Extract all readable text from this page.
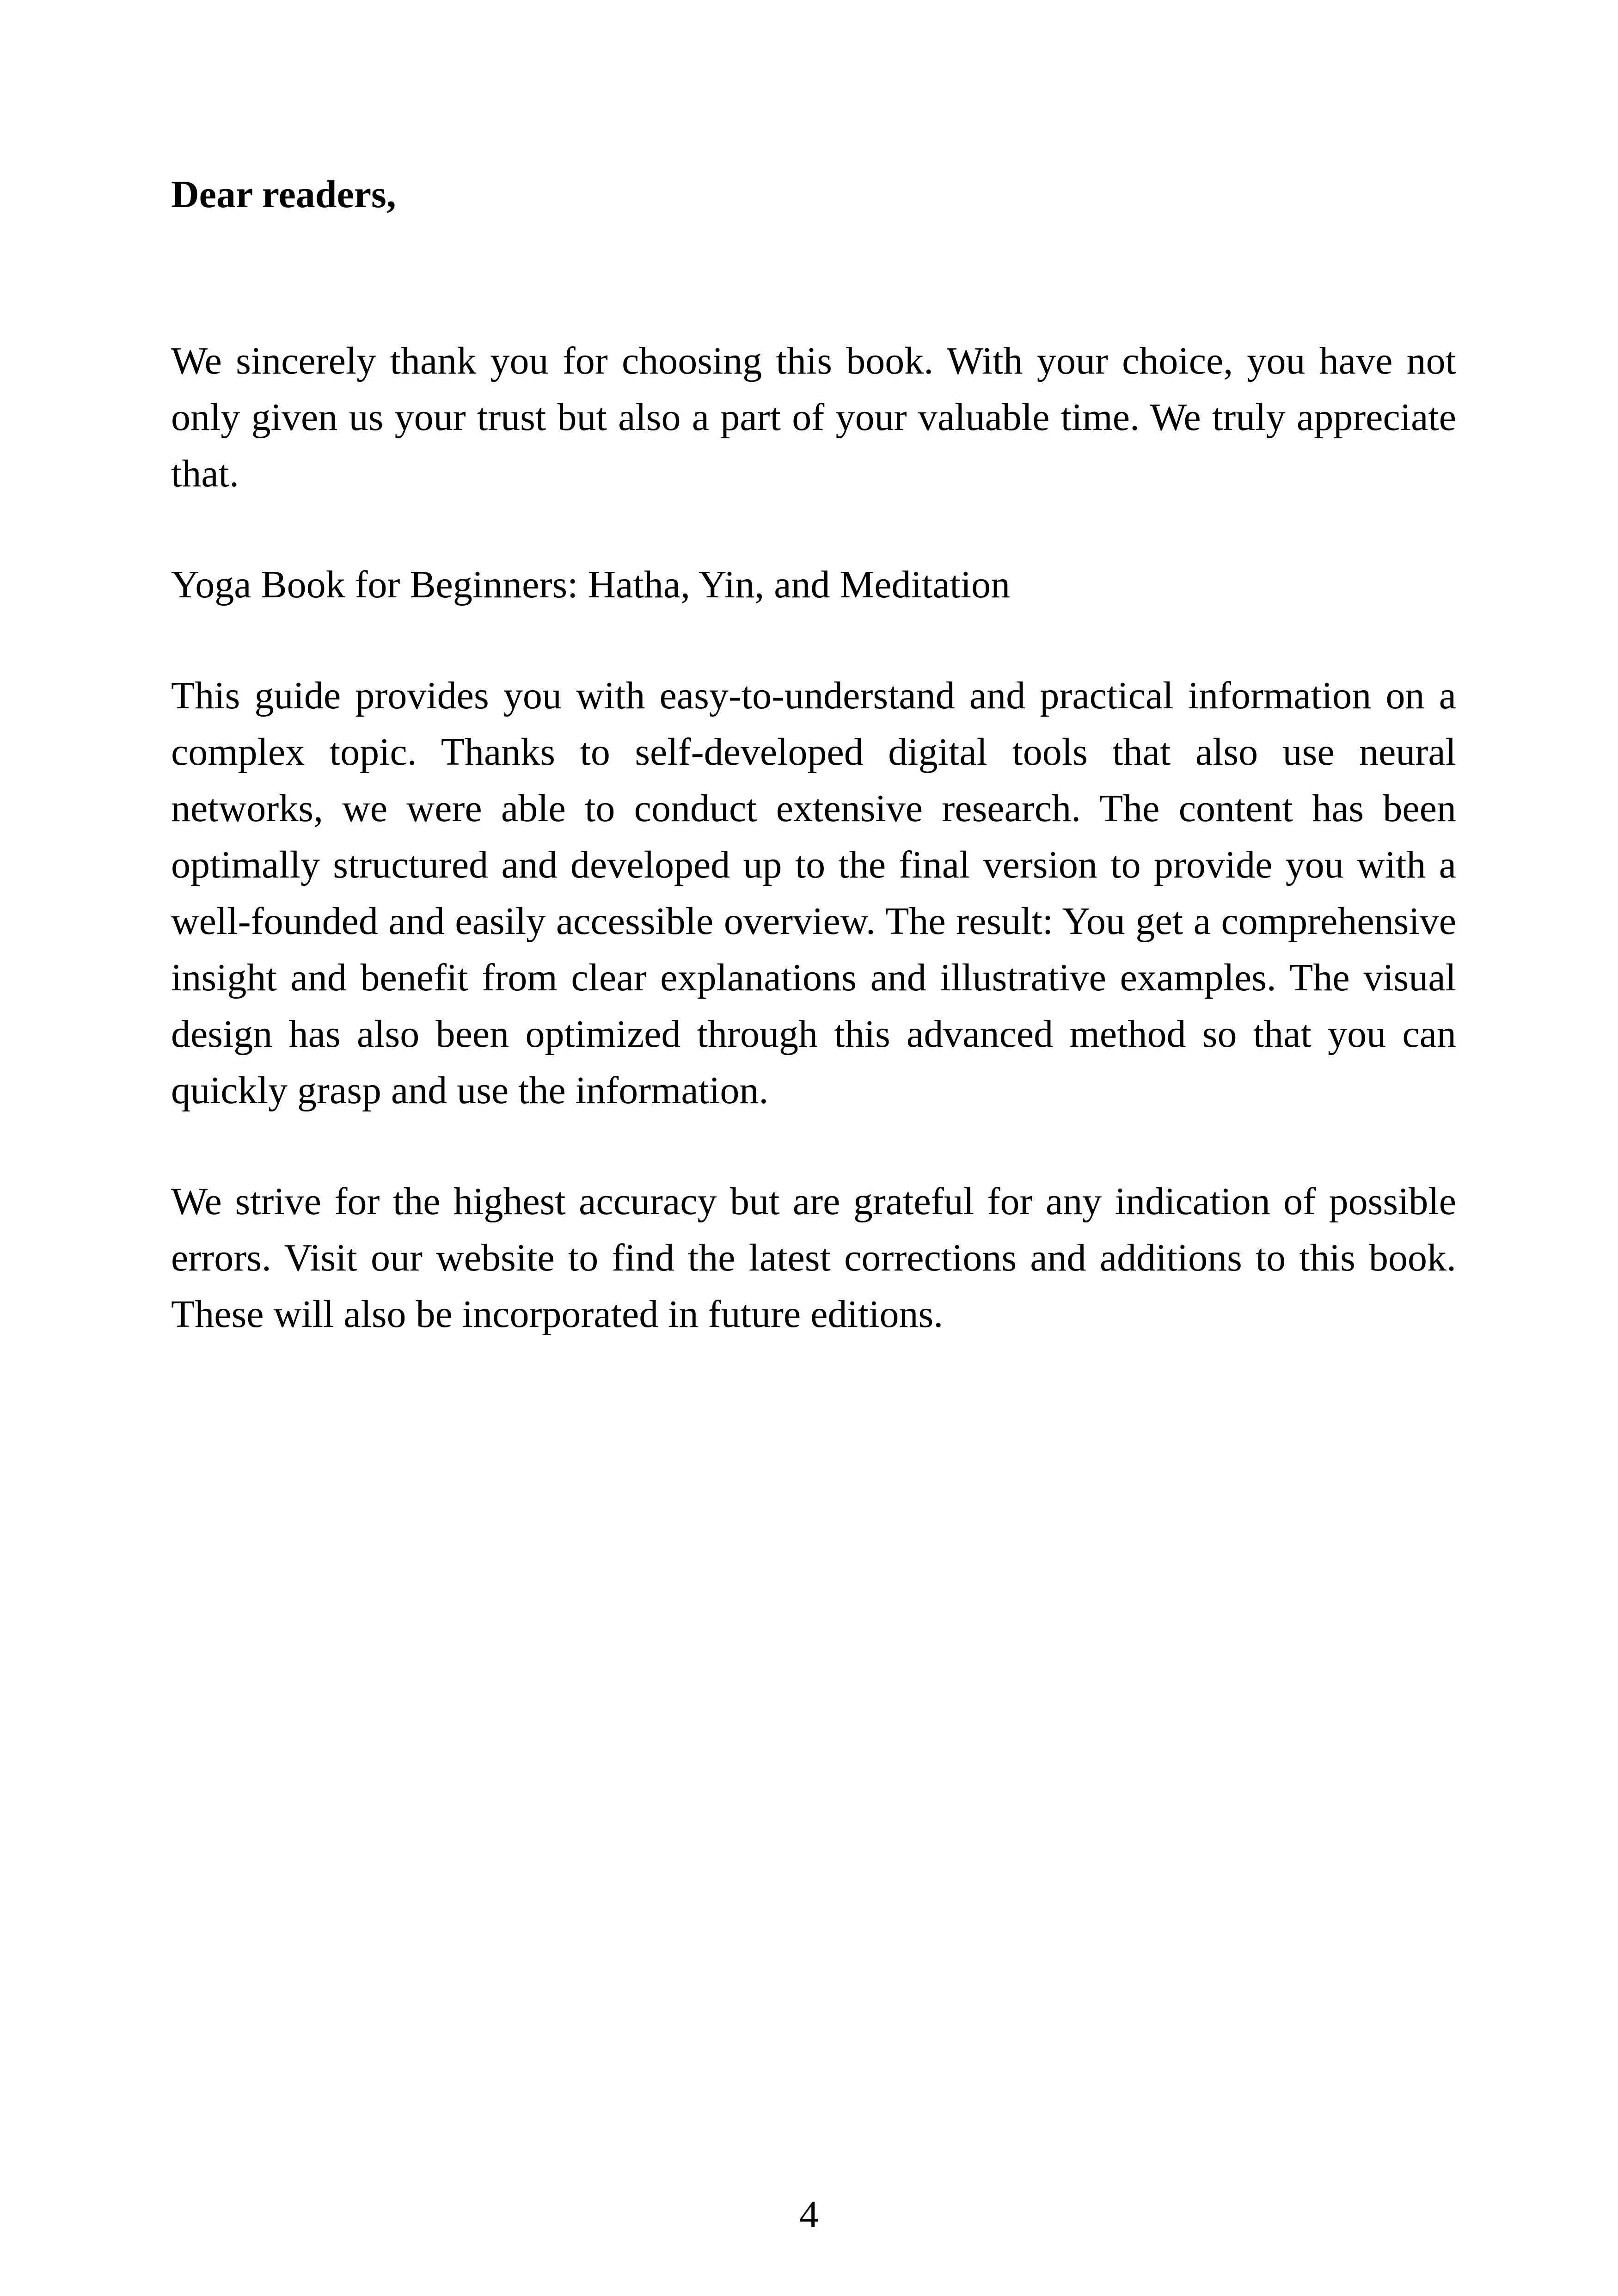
Dear readers,

We sincerely thank you for choosing this book. With your choice, you have not only given us your trust but also a part of your valuable time. We truly appreciate that.

Yoga Book for Beginners: Hatha, Yin, and Meditation

This guide provides you with easy-to-understand and practical information on a complex topic. Thanks to self-developed digital tools that also use neural networks, we were able to conduct extensive research. The content has been optimally structured and developed up to the final version to provide you with a well-founded and easily accessible overview. The result: You get a comprehensive insight and benefit from clear explanations and illustrative examples. The visual design has also been optimized through this advanced method so that you can quickly grasp and use the information.

We strive for the highest accuracy but are grateful for any indication of possible errors. Visit our website to find the latest corrections and additions to this book. These will also be incorporated in future editions.

4
